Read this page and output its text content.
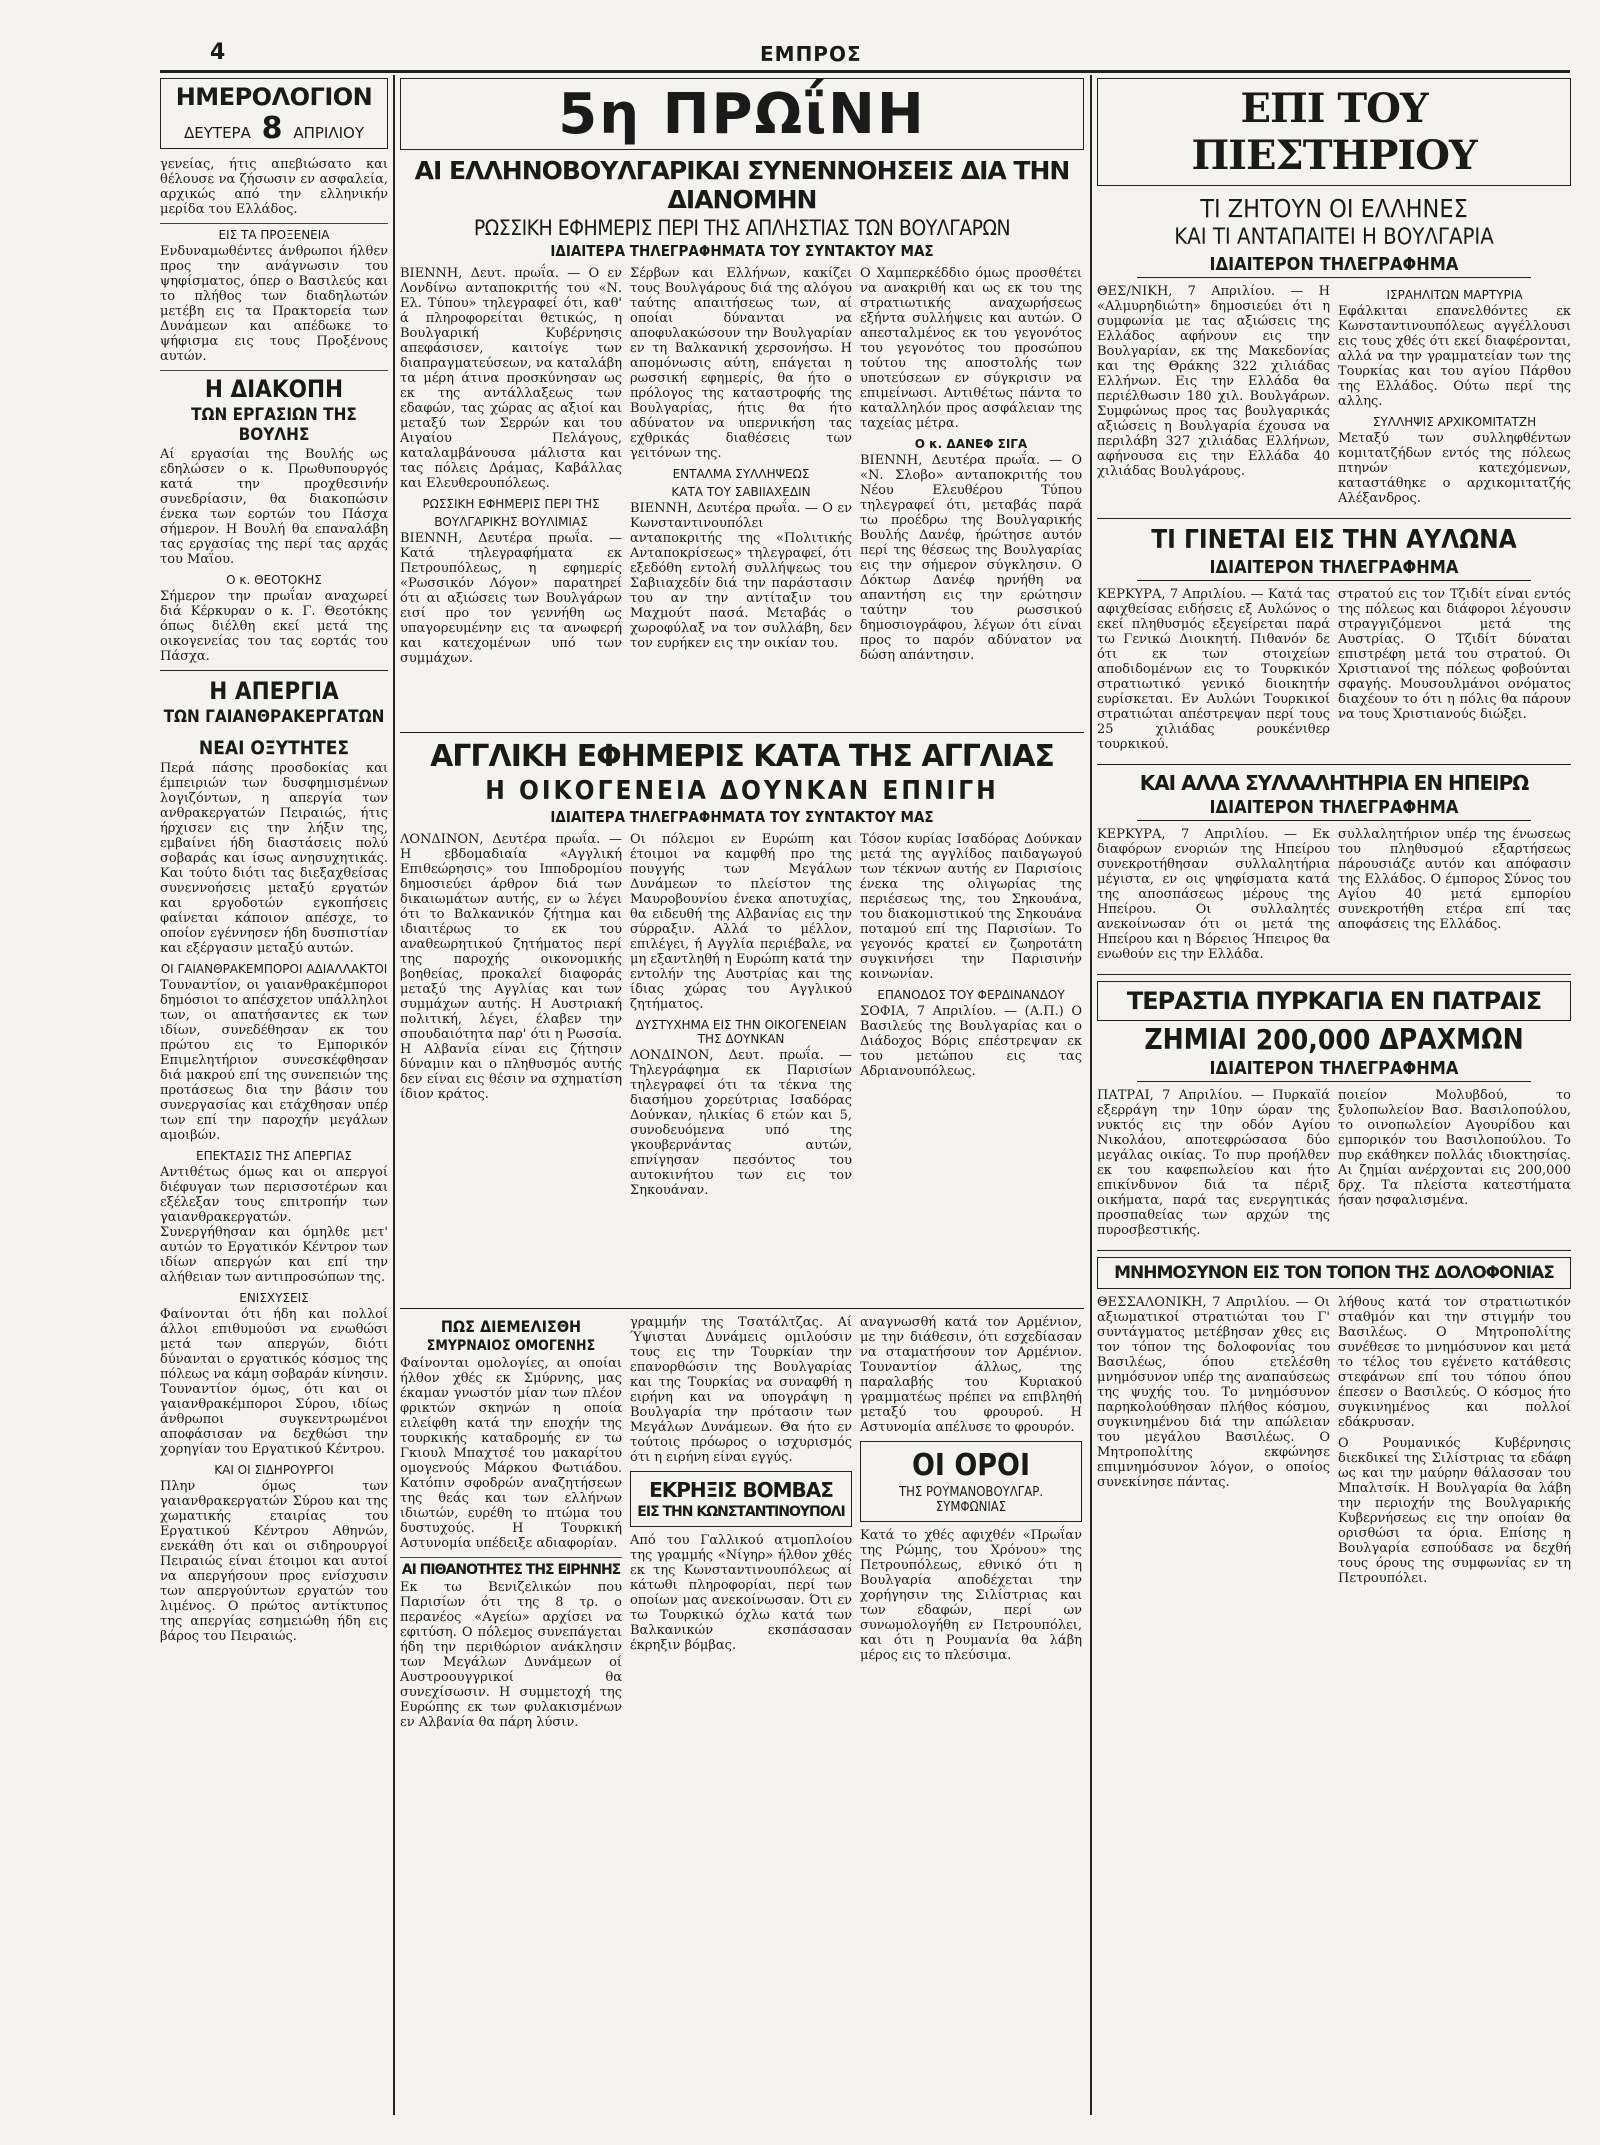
4	ΕΜΠΡΟΣ
ΗΜΕΡΟΛΟΓΙΟΝ
ΔΕΥΤΕΡΑ 8 ΑΠΡΙΛΙΟΥ

γενείας, ήτις απεβιώσατο και θέλουσε να ζήσωσιν εν ασφαλεία, αρχικώς από την ελληνικήν μερίδα του Ελλάδος.

ΕΙΣ ΤΑ ΠΡΟΞΕΝΕΙΑ

Ενδυναμωθέντες άνθρωποι ήλθεν προς την ανάγνωσιν του ψηφίσματος, όπερ ο Βασιλεύς και το πλήθος των διαδηλωτών μετέβη εις τα Πρακτορεία των Δυνάμεων και απέδωκε το ψήφισμα εις τους Προξένους αυτών.

Η ΔΙΑΚΟΠΗ
ΤΩΝ ΕΡΓΑΣΙΩΝ ΤΗΣ ΒΟΥΛΗΣ

Αί εργασίαι της Βουλής ως εδηλώσεν ο κ. Πρωθυπουργός κατά την προχθεσινήν συνεδρίασιν, θα διακοπώσιν ένεκα των εορτών του Πάσχα σήμερον. Η Βουλή θα επαναλάβη τας εργασίας της περί τας αρχάς του Μαΐου.

Ο κ. ΘΕΟΤΟΚΗΣ

Σήμερον την πρωΐαν αναχωρεί διά Κέρκυραν ο κ. Γ. Θεοτόκης όπως διέλθη εκεί μετά της οικογενείας του τας εορτάς του Πάσχα.

Η ΑΠΕΡΓΙΑ
ΤΩΝ ΓΑΙΑΝΘΡΑΚΕΡΓΑΤΩΝ
ΝΕΑΙ ΟΞΥΤΗΤΕΣ

Περά πάσης προσδοκίας και έμπειριών των δυσφημισμένων λογιζόντων, η απεργία των ανθρακεργατών Πειραιώς, ήτις ήρχισεν εις την λήξιν της, εμβαίνει ήδη διαστάσεις πολύ σοβαράς και ίσως ανησυχητικάς. Και τούτο διότι τας διεξαχθείσας συνεννοήσεις μεταξύ εργατών και εργοδοτών εγκοπήσεις φαίνεται κάποιον απέσχε, το οποίον εγέννησεν ήδη δυσπιστίαν και εξέργασιν μεταξύ αυτών.

ΟΙ ΓΑΙΑΝΘΡΑΚΕΜΠΟΡΟΙ ΑΔΙΑΛΛΑΚΤΟΙ

Τουναντίον, οι γαιανθρακέμποροι δημόσιοι το απέσχετον υπάλληλοι των, οι απατήσαντες εκ των ιδίων, συνεδέθησαν εκ του πρώτου εις το Εμπορικόν Επιμελητήριον συνεσκέφθησαν διά μακρού επί της συνεπειών της προτάσεως δια την βάσιν του συνεργασίας και ετάχθησαν υπέρ των επί την παροχήν μεγάλων αμοιβών.

ΕΠΕΚΤΑΣΙΣ ΤΗΣ ΑΠΕΡΓΙΑΣ

Αντιθέτως όμως και οι απεργοί διέφυγαν των περισσοτέρων και εξέλεξαν τους επιτροπήν των γαιανθρακεργατών. Συνεργήθησαν και όμηλθε μετ' αυτών το Εργατικόν Κέντρον των ιδίων απεργών και επί την αλήθειαν των αντιπροσώπων της.

ΕΝΙΣΧΥΣΕΙΣ

Φαίνονται ότι ήδη και πολλοί άλλοι επιθυμούσι να ενωθώσι μετά των απεργών, διότι δύνανται ο εργατικός κόσμος της πόλεως να κάμη σοβαράν κίνησιν. Τουναντίον όμως, ότι και οι γαιανθρακέμποροι Σύρου, ιδίως άνθρωποι συγκεντρωμένοι αποφάσισαν να δεχθώσι την χορηγίαν του Εργατικού Κέντρου.

ΚΑΙ ΟΙ ΣΙΔΗΡΟΥΡΓΟΙ

Πλην όμως των γαιανθρακεργατών Σύρου και της χωματικής εταιρίας του Εργατικού Κέντρου Αθηνών, ενεκάθη ότι και οι σιδηρουργοί Πειραιώς είναι έτοιμοι και αυτοί να απεργήσουν προς ενίσχυσιν των απεργούντων εργατών του λιμένος. Ο πρώτος αντίκτυπος της απεργίας εσημειώθη ήδη εις βάρος του Πειραιώς.

5η ΠΡΩΐΝΗ
ΑΙ ΕΛΛΗΝΟΒΟΥΛΓΑΡΙΚΑΙ ΣΥΝΕΝΝΟΗΣΕΙΣ ΔΙΑ ΤΗΝ ΔΙΑΝΟΜΗΝ
ΡΩΣΣΙΚΗ ΕΦΗΜΕΡΙΣ ΠΕΡΙ ΤΗΣ ΑΠΛΗΣΤΙΑΣ ΤΩΝ ΒΟΥΛΓΑΡΩΝ
ΙΔΙΑΙΤΕΡΑ ΤΗΛΕΓΡΑΦΗΜΑΤΑ ΤΟΥ ΣΥΝΤΑΚΤΟΥ ΜΑΣ

ΒΙΕΝΝΗ, Δευτ. πρωΐα. — Ο εν Λονδίνω ανταποκριτής του «Ν. Ελ. Τύπου» τηλεγραφεί ότι, καθ' ά πληροφορείται θετικώς, η Βουλγαρική Κυβέρνησις απεφάσισεν, καιτοίγε των διαπραγματεύσεων, να καταλάβη τα μέρη άτινα προσκύνησαν ως εκ της αντάλλαξεως των εδαφών, τας χώρας ας αξιοί και μεταξύ των Σερρών και του Αιγαίου Πελάγους, καταλαμβάνουσα μάλιστα και τας πόλεις Δράμας, Καβάλλας και Ελευθερουπόλεως.

ΡΩΣΣΙΚΗ ΕΦΗΜΕΡΙΣ ΠΕΡΙ ΤΗΣ
ΒΟΥΛΓΑΡΙΚΗΣ ΒΟΥΛΙΜΙΑΣ

ΒΙΕΝΝΗ, Δευτέρα πρωΐα. — Κατά τηλεγραφήματα εκ Πετρουπόλεως, η εφημερίς «Ρωσσικόν Λόγον» παρατηρεί ότι αι αξιώσεις των Βουλγάρων εισί προ τον γεννήθη ως υπαγορευμένην εις τα ανωφερή και κατεχομένων υπό των συμμάχων.

Σέρβων και Ελλήνων, κακίζει τους Βουλγάρους διά της αλόγου ταύτης απαιτήσεως των, αί οποίαι δύνανται να αποφυλακώσουν την Βουλγαρίαν εν τη Βαλκανική χερσονήσω. Η απομόνωσις αύτη, επάγεται η ρωσσική εφημερίς, θα ήτο ο πρόλογος της καταστροφής της Βουλγαρίας, ήτις θα ήτο αδύνατον να υπερνικήση τας εχθρικάς διαθέσεις των γειτόνων της.

ΕΝΤΑΛΜΑ ΣΥΛΛΗΨΕΩΣ
ΚΑΤΑ ΤΟΥ ΣΑΒΙΙΑΧΕΔΙΝ

ΒΙΕΝΝΗ, Δευτέρα πρωΐα. — Ο εν Κωνσταντινουπόλει ανταποκριτής της «Πολιτικής Ανταποκρίσεως» τηλεγραφεί, ότι εξεδόθη εντολή συλλήψεως του Σαβιιαχεδίν διά την παράστασιν του αν την αντίταξιν του Μαχμούτ πασά. Μεταβάς ο χωροφύλαξ να τον συλλάβη, δεν τον ευρήκεν εις την οικίαν του.

Ο Χαμπερκέδδιο όμως προσθέτει να ανακριθή και ως εκ του της στρατιωτικής αναχωρήσεως εξήντα συλλήψεις και αυτών. Ο απεσταλμένος εκ του γεγονότος του γεγονότος του προσώπου τούτου της αποστολής των υποτεύσεων εν σύγκρισιν να επιμείνωσι. Αντιθέτως πάντα το καταλληλόν προς ασφάλειαν της ταχείας μέτρα.

Ο κ. ΔΑΝΕΦ ΣΙΓΑ

ΒΙΕΝΝΗ, Δευτέρα πρωΐα. — Ο «Ν. Σλοβο» ανταποκριτής του Νέου Ελευθέρου Τύπου τηλεγραφεί ότι, μεταβάς παρά τω προέδρω της Βουλγαρικής Βουλής Δανέφ, ήρώτησε αυτόν περί της θέσεως της Βουλγαρίας εις την σήμερον σύγκλησιν. Ο Δόκτωρ Δανέφ ηρνήθη να απαντήση εις την ερώτησιν ταύτην του ρωσσικού δημοσιογράφου, λέγων ότι είναι προς το παρόν αδύνατον να δώση απάντησιν.

ΑΓΓΛΙΚΗ ΕΦΗΜΕΡΙΣ ΚΑΤΑ ΤΗΣ ΑΓΓΛΙΑΣ
Η ΟΙΚΟΓΕΝΕΙΑ ΔΟΥΝΚΑΝ ΕΠΝΙΓΗ
ΙΔΙΑΙΤΕΡΑ ΤΗΛΕΓΡΑΦΗΜΑΤΑ ΤΟΥ ΣΥΝΤΑΚΤΟΥ ΜΑΣ

ΛΟΝΔΙΝΟΝ, Δευτέρα πρωΐα. — Η εβδομαδιαία «Αγγλική Επιθεώρησις» του Ιπποδρομίου δημοσιεύει άρθρον διά των δικαιωμάτων αυτής, εν ω λέγει ότι το Βαλκανικόν ζήτημα και ιδιαιτέρως το εκ του αναθεωρητικού ζητήματος περί της παροχής οικονομικής βοηθείας, προκαλεί διαφοράς μεταξύ της Αγγλίας και των συμμάχων αυτής. Η Αυστριακή πολιτική, λέγει, έλαβεν την σπουδαιότητα παρ' ότι η Ρωσσία. Η Αλβανία είναι εις ζήτησιν δύναμιν και ο πληθυσμός αυτής δεν είναι εις θέσιν να σχηματίση ίδιον κράτος.

Οι πόλεμοι εν Ευρώπη και έτοιμοι να καμφθή προ της πουγγής των Μεγάλων Δυνάμεων το πλείστον της Μαυροβουνίου ένεκα αποτυχίας, θα ειδευθή της Αλβανίας εις την σύρραξιν. Αλλά το μέλλον, επιλέγει, ή Αγγλία περιέβαλε, να μη εξαντληθή η Ευρώπη κατά την εντολήν της Αυστρίας και της ίδιας χώρας του Αγγλικού ζητήματος.

ΔΥΣΤΥΧΗΜΑ ΕΙΣ ΤΗΝ ΟΙΚΟΓΕΝΕΙΑΝ ΤΗΣ ΔΟΥΝΚΑΝ

ΛΟΝΔΙΝΟΝ, Δευτ. πρωΐα. — Τηλεγράφημα εκ Παρισίων τηλεγραφεί ότι τα τέκνα της διασήμου χορεύτριας Ισαδόρας Δούνκαν, ηλικίας 6 ετών και 5, συνοδευόμενα υπό της γκουβερνάντας αυτών, επνίγησαν πεσόντος του αυτοκινήτου των εις τον Σηκουάναν.

Τόσον κυρίας Ισαδόρας Δούνκαν μετά της αγγλίδος παιδαγωγού των τέκνων αυτής εν Παρισίοις ένεκα της ολιγωρίας της περιέσεως της, του Σηκουάνα, του διακομιστικού της Σηκουάνα ποταμού επί της Παρισίων. Το γεγονός κρατεί εν ζωηροτάτη συγκινήσει την Παρισινήν κοινωνίαν.

ΕΠΑΝΟΔΟΣ ΤΟΥ ΦΕΡΔΙΝΑΝΔΟΥ

ΣΟΦΙΑ, 7 Απριλίου. — (Α.Π.) Ο Βασιλεύς της Βουλγαρίας και ο Διάδοχος Βόρις επέστρεψαν εκ του μετώπου εις τας Αδριανουπόλεως.

ΠΩΣ ΔΙΕΜΕΛΙΣΘΗ
ΣΜΥΡΝΑΙΟΣ ΟΜΟΓΕΝΗΣ

Φαίνονται ομολογίες, αι οποίαι ήλθον χθές εκ Σμύρνης, μας έκαμαν γνωστόν μίαν των πλέον φρικτών σκηνών η οποία ειλείφθη κατά την εποχήν της τουρκικής καταδρομής εν τω Γκιουλ Μπαχτσέ του μακαρίτου ομογενούς Μάρκου Φωτιάδου. Κατόπιν σφοδρών αναζητήσεων της θεάς και των ελλήνων ιδιωτών, ευρέθη το πτώμα του δυστυχούς. Η Τουρκική Αστυνομία υπέδειξε αδιαφορίαν.

ΑΙ ΠΙΘΑΝΟΤΗΤΕΣ ΤΗΣ ΕΙΡΗΝΗΣ

Εκ τω Βενιζελικών που Παρισίων ότι της 8 τρ. ο περανέος «Αγείω» αρχίσει να εφιτύση. Ο πόλεμος συνεπάγεται ήδη την περιθώριον ανάκλησιν των Μεγάλων Δυνάμεων οί Αυστροουγγρικοί θα συνεχίσωσιν. Η συμμετοχή της Ευρώπης εκ των φυλακισμένων εν Αλβανία θα πάρη λύσιν.

γραμμήν της Τσατάλτζας. Αί Ύψισται Δυνάμεις ομιλούσιν τους εις την Τουρκίαν την επανορθώσιν της Βουλγαρίας και της Τουρκίας να συναφθή η ειρήνη και να υπογράψη η Βουλγαρία την πρότασιν των Μεγάλων Δυνάμεων. Θα ήτο εν τούτοις πρόωρος ο ισχυρισμός ότι η ειρήνη είναι εγγύς.

ΕΚΡΗΞΙΣ ΒΟΜΒΑΣ
ΕΙΣ ΤΗΝ ΚΩΝΣΤΑΝΤΙΝΟΥΠΟΛΙ

Από του Γαλλικού ατμοπλοίου της γραμμής «Νίγηρ» ήλθον χθές εκ της Κωνσταντινουπόλεως αί κάτωθι πληροφορίαι, περί των οποίων μας ανεκοίνωσαν. Ότι εν τω Τουρκικώ όχλω κατά των Βαλκανικών εκσπάσασαν έκρηξιν βόμβας.

αναγνωσθή κατά τον Αρμένιον, με την διάθεσιν, ότι εσχεδίασαν να σταματήσουν τον Αρμένιον. Τουναντίον άλλως, της παραλαβής του Κυριακού γραμματέως πρέπει να επιβληθή μεταξύ του φρουρού. Η Αστυνομία απέλυσε το φρουρόν.

ΟΙ ΟΡΟΙ
ΤΗΣ ΡΟΥΜΑΝΟΒΟΥΛΓΑΡ. ΣΥΜΦΩΝΙΑΣ

Κατά το χθές αφιχθέν «Πρωΐαν της Ρώμης, του Χρόνου» της Πετρουπόλεως, εθνικό ότι η Βουλγαρία αποδέχεται την χορήγησιν της Σιλίστριας και των εδαφών, περί ων συνωμολογήθη εν Πετρουπόλει, και ότι η Ρουμανία θα λάβη μέρος εις το πλεύσιμα.

ΕΠΙ ΤΟΥ ΠΙΕΣΤΗΡΙΟΥ
ΤΙ ΖΗΤΟΥΝ ΟΙ ΕΛΛΗΝΕΣ
ΚΑΙ ΤΙ ΑΝΤΑΠΑΙΤΕΙ Η ΒΟΥΛΓΑΡΙΑ
ΙΔΙΑΙΤΕΡΟΝ ΤΗΛΕΓΡΑΦΗΜΑ

ΘΕΣ/ΝΙΚΗ, 7 Απριλίου. — Η «Αλμυρηδιώτη» δημοσιεύει ότι η συμφωνία με τας αξιώσεις της Ελλάδος αφήνουν εις την Βουλγαρίαν, εκ της Μακεδονίας και της Θράκης 322 χιλιάδας Ελλήνων. Εις την Ελλάδα θα περιέλθωσιν 180 χιλ. Βουλγάρων. Συμφώνως προς τας βουλγαρικάς αξιώσεις η Βουλγαρία έχουσα να περιλάβη 327 χιλιάδας Ελλήνων, αφήνουσα εις την Ελλάδα 40 χιλιάδας Βουλγάρους.

ΙΣΡΑΗΛΙΤΩΝ ΜΑΡΤΥΡΙΑ

Εφάλκιται επανελθόντες εκ Κωνσταντινουπόλεως αγγέλλουσι εις τους χθές ότι εκεί διαφέρονται, αλλά να την γραμματείαν των της Τουρκίας και του αγίου Πάρθου της Ελλάδος. Ούτω περί της αλλης.

ΣΥΛΛΗΨΙΣ ΑΡΧΙΚΟΜΙΤΑΤΖΗ

Μεταξύ των συλληφθέντων κομιτατζήδων εντός της πόλεως πτηνών κατεχόμενων, καταστάθηκε ο αρχικομιτατζής Αλέξανδρος.

ΤΙ ΓΙΝΕΤΑΙ ΕΙΣ ΤΗΝ ΑΥΛΩΝΑ
ΙΔΙΑΙΤΕΡΟΝ ΤΗΛΕΓΡΑΦΗΜΑ

ΚΕΡΚΥΡΑ, 7 Απριλίου. — Κατά τας αφιχθείσας ειδήσεις εξ Αυλώνος ο εκεί πληθυσμός εξεγείρεται παρά τω Γενικώ Διοικητή. Πιθανόν δε ότι εκ των στοιχείων αποδιδομένων εις το Τουρκικόν στρατιωτικό γενικό διοικητήν ευρίσκεται. Εν Αυλώνι Τουρκικοί στρατιώται απέστρεψαν περί τους 25 χιλιάδας ρουκένιθερ τουρκικού.

στρατού εις τον Τζιδίτ είναι εντός της πόλεως και διάφοροι λέγουσιν στραγγιζόμενοι μετά της Αυστρίας. Ο Τζιδίτ δύναται επιστρέφη μετά του στρατού. Οι Χριστιανοί της πόλεως φοβούνται σφαγής. Μουσουλμάνοι ονόματος διαχέουν το ότι η πόλις θα πάρουν να τους Χριστιανούς διώξει.

ΚΑΙ ΑΛΛΑ ΣΥΛΛΑΛΗΤΗΡΙΑ ΕΝ ΗΠΕΙΡΩ
ΙΔΙΑΙΤΕΡΟΝ ΤΗΛΕΓΡΑΦΗΜΑ

ΚΕΡΚΥΡΑ, 7 Απριλίου. — Εκ διαφόρων ενοριών της Ηπείρου συνεκροτήθησαν συλλαλητήρια μέγιστα, εν οις ψηφίσματα κατά της αποσπάσεως μέρους της Ηπείρου. Οι συλλαλητές ανεκοίνωσαν ότι οι μετά της Ηπείρου και η Βόρειος Ήπειρος θα ενωθούν εις την Ελλάδα.

συλλαλητήριον υπέρ της ένωσεως του πληθυσμού εξαρτήσεως πάρουσιάζε αυτόν και απόφασιν της Ελλάδος. Ο έμπορος Σύνος του Αγίου 40 μετά εμπορίου συνεκροτήθη ετέρα επί τας αποφάσεις της Ελλάδος.

ΤΕΡΑΣΤΙΑ ΠΥΡΚΑΓΙΑ ΕΝ ΠΑΤΡΑΙΣ
ΖΗΜΙΑΙ 200,000 ΔΡΑΧΜΩΝ
ΙΔΙΑΙΤΕΡΟΝ ΤΗΛΕΓΡΑΦΗΜΑ

ΠΑΤΡΑΙ, 7 Απριλίου. — Πυρκαϊά εξερράγη την 10ην ώραν της νυκτός εις την οδόν Αγίου Νικολάου, αποτεφρώσασα δύο μεγάλας οικίας. Το πυρ προήλθεν εκ του καφεπωλείου και ήτο επικίνδυνον διά τα πέριξ οικήματα, παρά τας ενεργητικάς προσπαθείας των αρχών της πυροσβεστικής.

ποιείον Μολυβδού, το ξυλοπωλείον Βασ. Βασιλοπούλου, το οινοπωλείον Αγουρίδου και εμπορικόν του Βασιλοπούλου. Το πυρ εκάθηκεν πολλάς ιδιοκτησίας. Αι ζημίαι ανέρχονται εις 200,000 δρχ. Τα πλείστα κατεστήματα ήσαν ησφαλισμένα.

ΜΝΗΜΟΣΥΝΟΝ ΕΙΣ ΤΟΝ ΤΟΠΟΝ ΤΗΣ ΔΟΛΟΦΟΝΙΑΣ

ΘΕΣΣΑΛΟΝΙΚΗ, 7 Απριλίου. — Οι αξιωματικοί στρατιώται του Γ' συντάγματος μετέβησαν χθες εις τον τόπον της δολοφονίας του Βασιλέως, όπου ετελέσθη μνημόσυνον υπέρ της αναπαύσεως της ψυχής του. Το μνημόσυνον παρηκολούθησαν πλήθος κόσμου, συγκινημένου διά την απώλειαν του μεγάλου Βασιλέως. Ο Μητροπολίτης εκφώνησε επιμνημόσυνον λόγον, ο οποίος συνεκίνησε πάντας.

λήθους κατά τον στρατιωτικόν σταθμόν και την στιγμήν του Βασιλέως. Ο Μητροπολίτης συνέθεσε το μνημόσυνον και μετά το τέλος του εγένετο κατάθεσις στεφάνων επί του τόπου όπου έπεσεν ο Βασιλεύς. Ο κόσμος ήτο συγκινημένος και πολλοί εδάκρυσαν.

Ο Ρουμανικός Κυβέρνησις διεκδικεί της Σιλίστριας τα εδάφη ως και την μαύρην θάλασσαν του Μπαλτσίκ. Η Βουλγαρία θα λάβη την περιοχήν της Βουλγαρικής Κυβερνήσεως εις την οποίαν θα ορισθώσι τα όρια. Επίσης η Βουλγαρία εσπούδασε να δεχθή τους όρους της συμφωνίας εν τη Πετρουπόλει.
